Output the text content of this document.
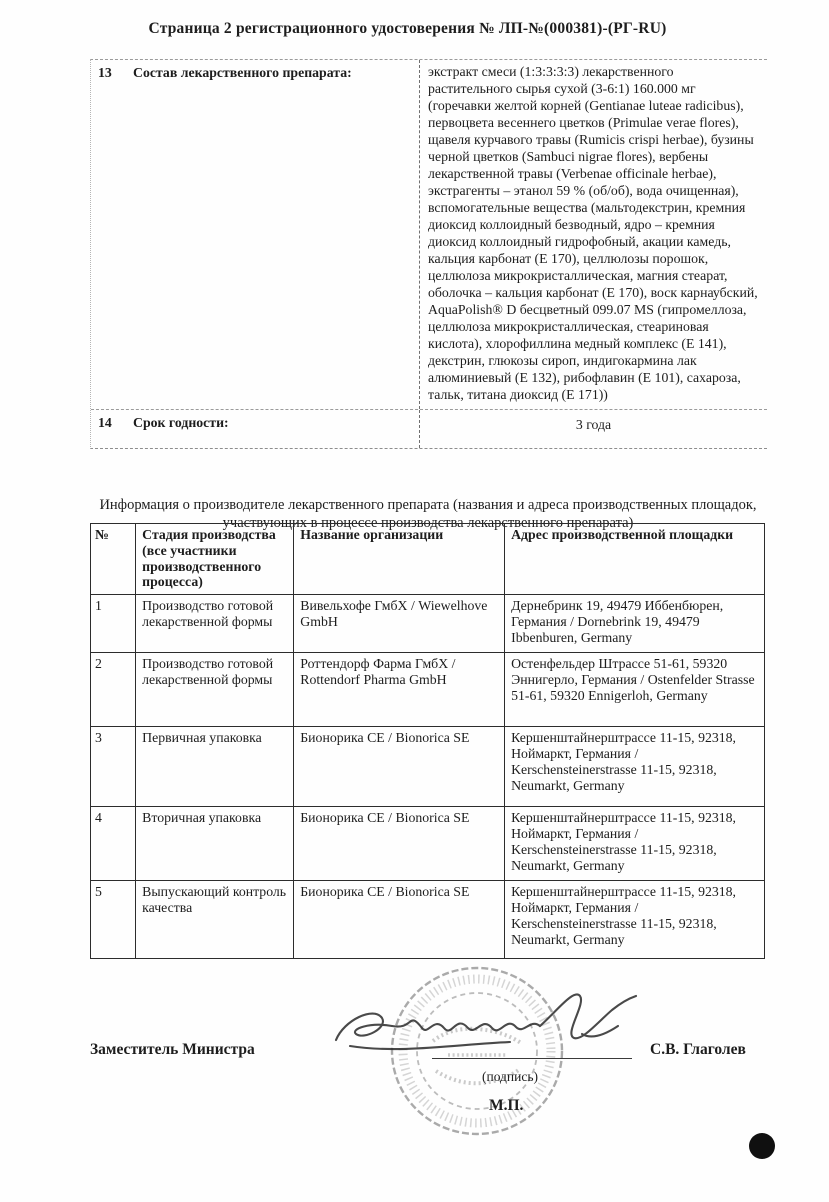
Страница 2 регистрационного удостоверения № ЛП-№(000381)-(РГ-RU)
13	Состав лекарственного препарата:	экстракт смеси (1:3:3:3:3) лекарственного растительного сырья сухой (3-6:1) 160.000 мг (горечавки желтой корней (Gentianae luteae radicibus), первоцвета весеннего цветков (Primulae verae flores), щавеля курчавого травы (Rumicis crispi herbae), бузины черной цветков (Sambuci nigrae flores), вербены лекарственной травы (Verbenae officinale herbae), экстрагенты – этанол 59 % (об/об), вода очищенная), вспомогательные вещества (мальтодекстрин, кремния диоксид коллоидный безводный, ядро – кремния диоксид коллоидный гидрофобный, акации камедь, кальция карбонат (Е 170), целлюлозы порошок, целлюлоза микрокристаллическая, магния стеарат, оболочка – кальция карбонат (Е 170), воск карнаубский, AquaPolish® D бесцветный 099.07 MS (гипромеллоза, целлюлоза микрокристаллическая, стеариновая кислота), хлорофиллина медный комплекс (Е 141), декстрин, глюкозы сироп, индигокармина лак алюминиевый (Е 132), рибофлавин (Е 101), сахароза, тальк, титана диоксид (Е 171))
14	Срок годности:	3 года
Информация о производителе лекарственного препарата (названия и адреса производственных площадок, участвующих в процессе производства лекарственного препарата)
№	Стадия производства (все участники производственного процесса)	Название организации	Адрес производственной площадки
1	Производство готовой лекарственной формы	Вивельхофе ГмбХ / Wiewelhove GmbH	Дернебринк 19, 49479 Иббенбюрен, Германия / Dornebrink 19, 49479 Ibbenburen, Germany
2	Производство готовой лекарственной формы	Роттендорф Фарма ГмбХ / Rottendorf Pharma GmbH	Остенфельдер Штрассе 51-61, 59320 Эннигерло, Германия / Ostenfelder Strasse 51-61, 59320 Ennigerloh, Germany
3	Первичная упаковка	Бионорика СЕ / Bionorica SE	Кершенштайнерштрассе 11-15, 92318, Ноймаркт, Германия / Kerschensteinerstrasse 11-15, 92318, Neumarkt, Germany
4	Вторичная упаковка	Бионорика СЕ / Bionorica SE	Кершенштайнерштрассе 11-15, 92318, Ноймаркт, Германия / Kerschensteinerstrasse 11-15, 92318, Neumarkt, Germany
5	Выпускающий контроль качества	Бионорика СЕ / Bionorica SE	Кершенштайнерштрассе 11-15, 92318, Ноймаркт, Германия / Kerschensteinerstrasse 11-15, 92318, Neumarkt, Germany
Заместитель Министра	С.В. Глаголев
(подпись)
М.П.
